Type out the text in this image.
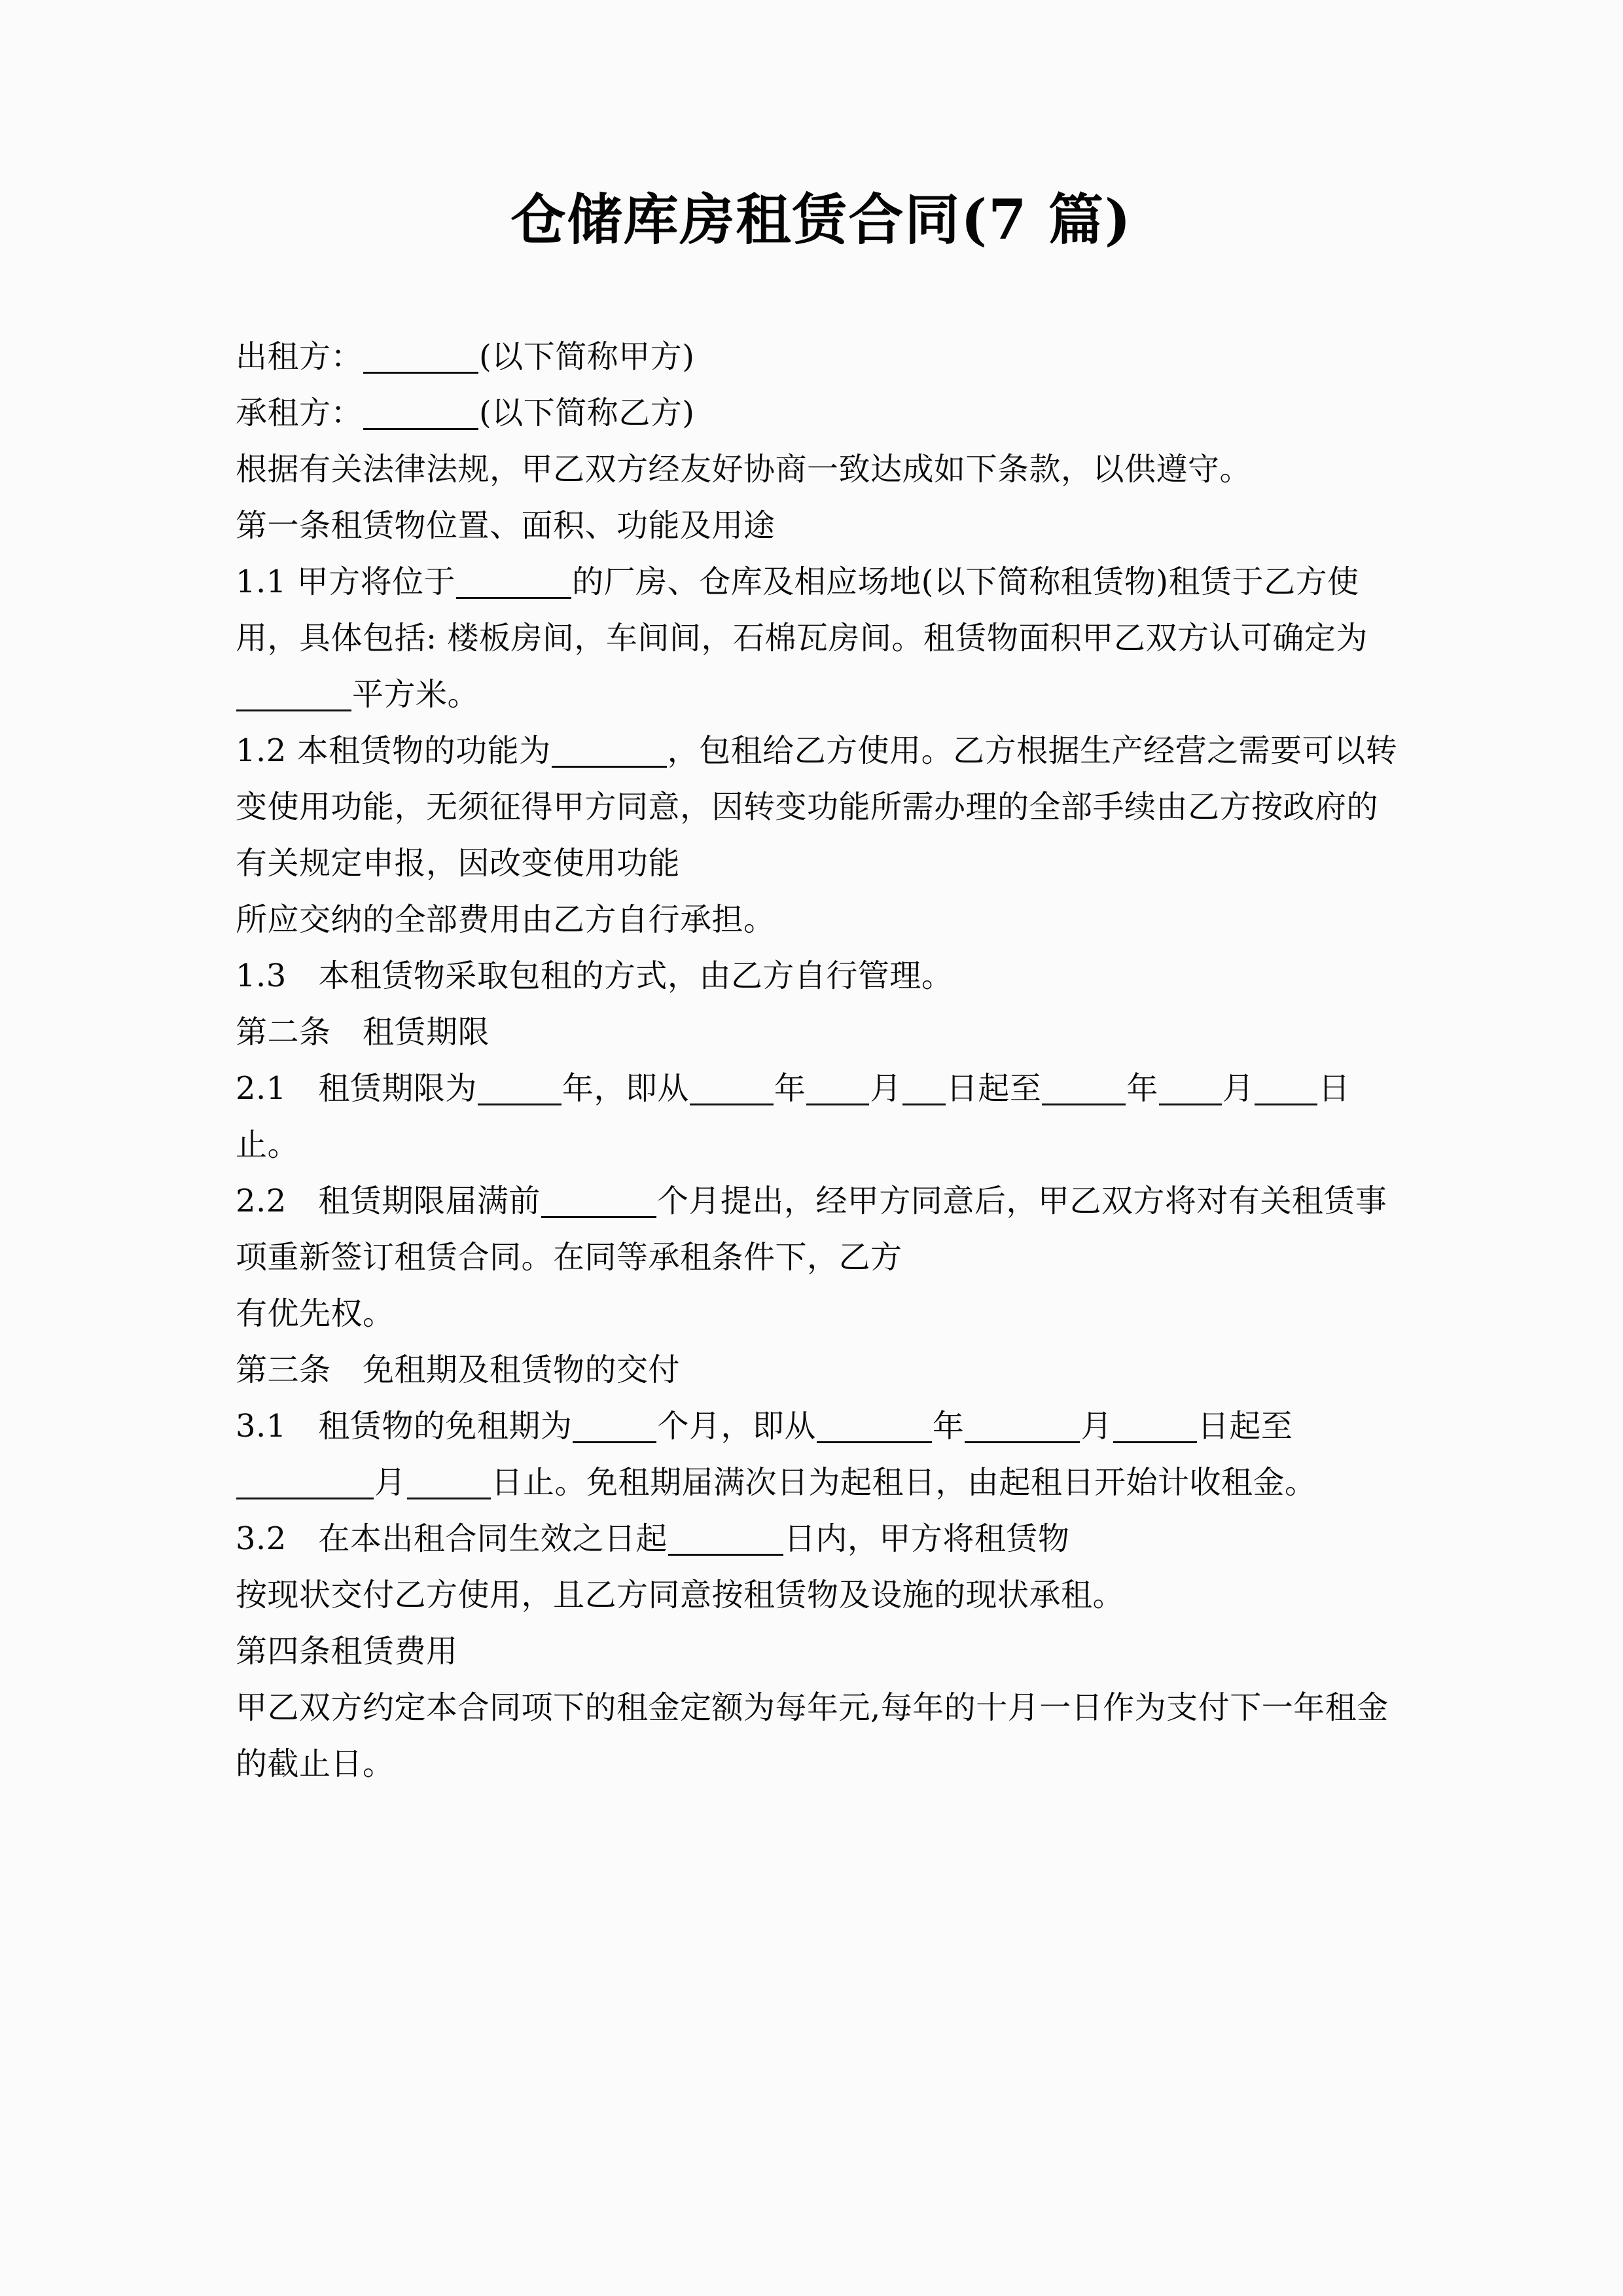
仓储库房租赁合同(7 篇)

出租方：	(以下简称甲方)

承租方：	(以下简称乙方)

根据有关法律法规，甲乙双方经友好协商一致达成如下条款，以供遵守。

第一条租赁物位置、面积、功能及用途

1.1 甲方将位于	的厂房、仓库及相应场地(以下简称租赁物)租赁于乙方使用，具体包括: 楼板房间，车间间，石棉瓦房间。租赁物面积甲乙双方认可确定为平方米。

1.2 本租赁物的功能为	，包租给乙方使用。乙方根据生产经营之需要可以转变使用功能，无须征得甲方同意，因转变功能所需办理的全部手续由乙方按政府的有关规定申报，因改变使用功能

所应交纳的全部费用由乙方自行承担。

1.3　本租赁物采取包租的方式，由乙方自行管理。

第二条　租赁期限

2.1　租赁期限为	年，即从	年 月 日起至	年 月 日止。

2.2　租赁期限届满前	个月提出，经甲方同意后，甲乙双方将对有关租赁事项重新签订租赁合同。在同等承租条件下，乙方

有优先权。

第三条　免租期及租赁物的交付

3.1　租赁物的免租期为	个月，即从	年	月	日起至月	日止。免租期届满次日为起租日，由起租日开始计收租金。

3.2　在本出租合同生效之日起	日内，甲方将租赁物

按现状交付乙方使用，且乙方同意按租赁物及设施的现状承租。

第四条租赁费用

甲乙双方约定本合同项下的租金定额为每年元,每年的十月一日作为支付下一年租金的截止日。
